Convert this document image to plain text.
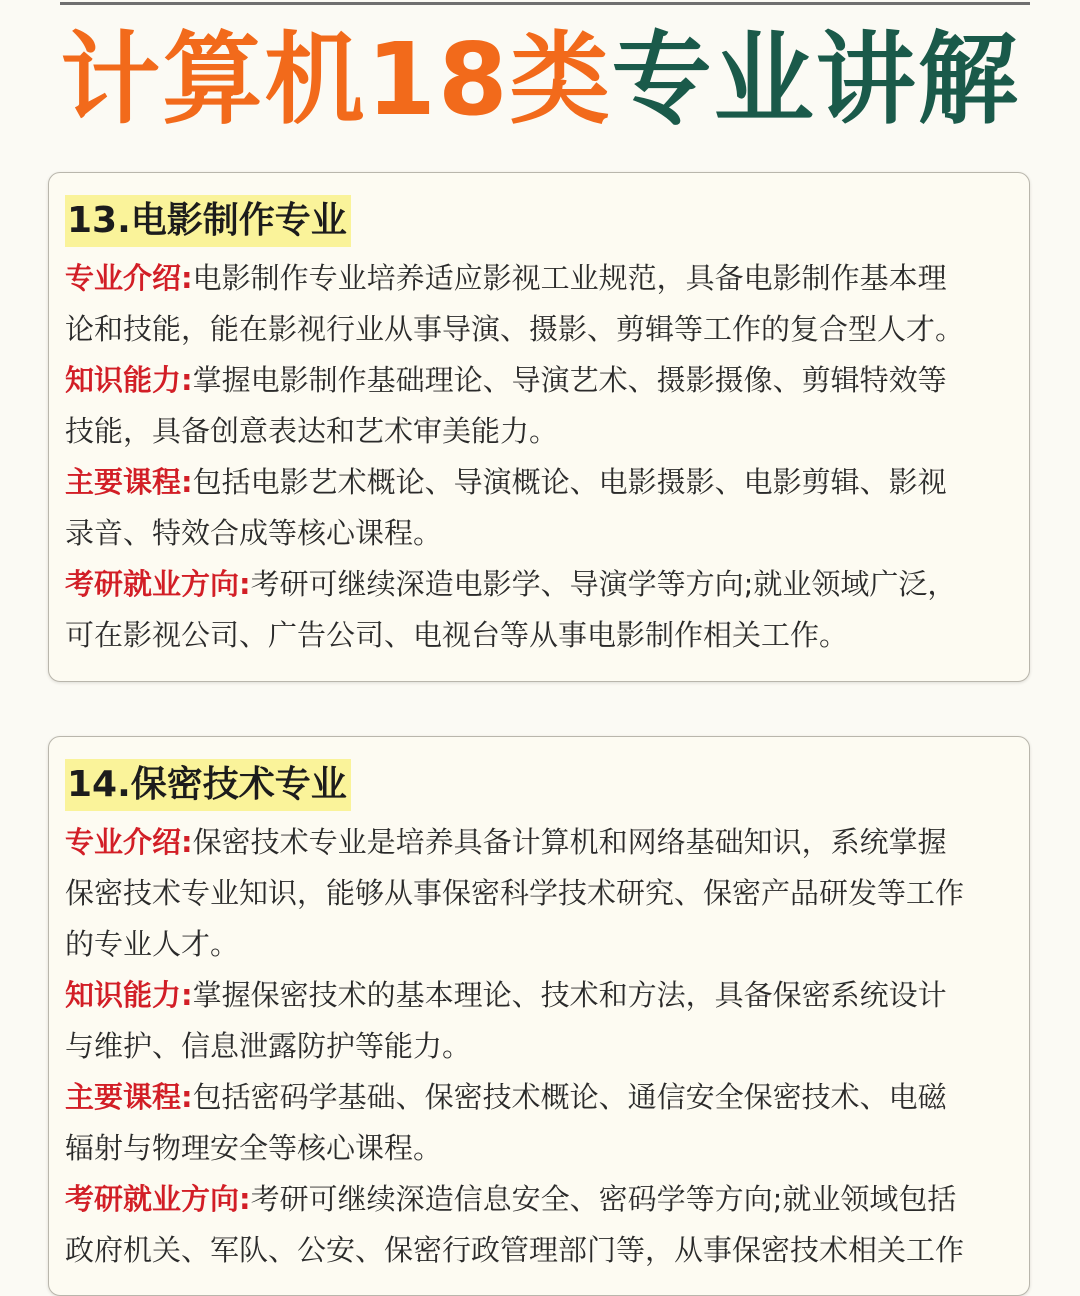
计算机18类专业讲解
13.电影制作专业

专业介绍:电影制作专业培养适应影视工业规范，具备电影制作基本理
论和技能，能在影视行业从事导演、摄影、剪辑等工作的复合型人才。

知识能力:掌握电影制作基础理论、导演艺术、摄影摄像、剪辑特效等
技能，具备创意表达和艺术审美能力。

主要课程:包括电影艺术概论、导演概论、电影摄影、电影剪辑、影视
录音、特效合成等核心课程。

考研就业方向:考研可继续深造电影学、导演学等方向;就业领域广泛，
可在影视公司、广告公司、电视台等从事电影制作相关工作。

14.保密技术专业

专业介绍:保密技术专业是培养具备计算机和网络基础知识，系统掌握
保密技术专业知识，能够从事保密科学技术研究、保密产品研发等工作
的专业人才。

知识能力:掌握保密技术的基本理论、技术和方法，具备保密系统设计
与维护、信息泄露防护等能力。

主要课程:包括密码学基础、保密技术概论、通信安全保密技术、电磁
辐射与物理安全等核心课程。

考研就业方向:考研可继续深造信息安全、密码学等方向;就业领域包括
政府机关、军队、公安、保密行政管理部门等，从事保密技术相关工作
